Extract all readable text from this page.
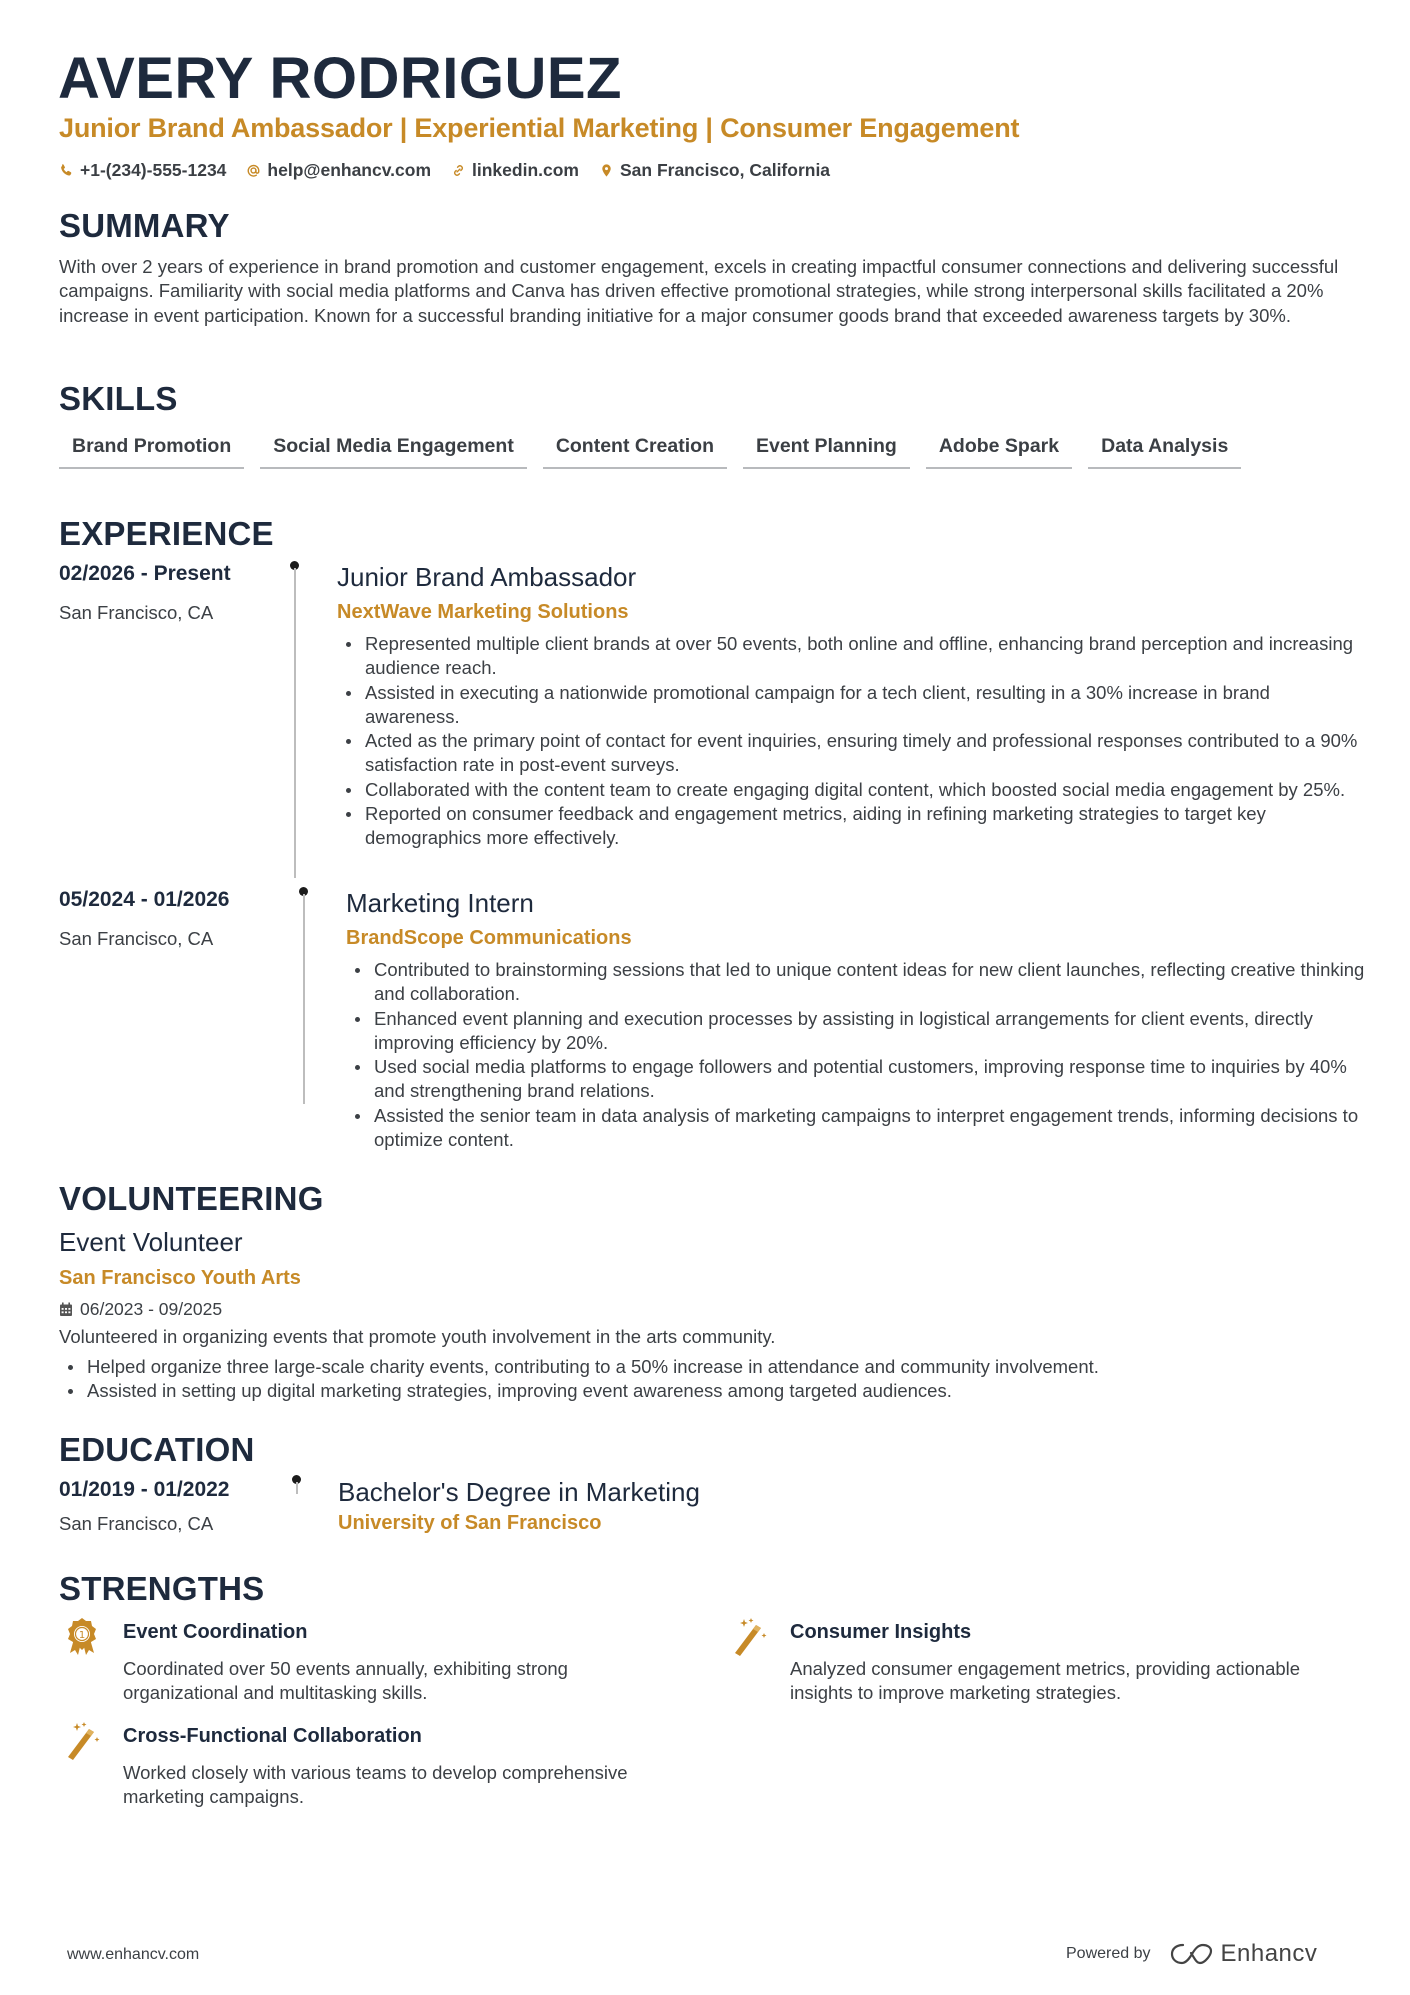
AVERY RODRIGUEZ
Junior Brand Ambassador | Experiential Marketing | Consumer Engagement
+1-(234)-555-1234 help@enhancv.com linkedin.com San Francisco, California
SUMMARY
With over 2 years of experience in brand promotion and customer engagement, excels in creating impactful consumer connections and delivering successful campaigns. Familiarity with social media platforms and Canva has driven effective promotional strategies, while strong interpersonal skills facilitated a 20% increase in event participation. Known for a successful branding initiative for a major consumer goods brand that exceeded awareness targets by 30%.
SKILLS
Brand Promotion	Social Media Engagement	Content Creation	Event Planning	Adobe Spark	Data Analysis
EXPERIENCE
02/2026 - Present
San Francisco, CA
Junior Brand Ambassador
NextWave Marketing Solutions
Represented multiple client brands at over 50 events, both online and offline, enhancing brand perception and increasing audience reach.
Assisted in executing a nationwide promotional campaign for a tech client, resulting in a 30% increase in brand awareness.
Acted as the primary point of contact for event inquiries, ensuring timely and professional responses contributed to a 90% satisfaction rate in post-event surveys.
Collaborated with the content team to create engaging digital content, which boosted social media engagement by 25%.
Reported on consumer feedback and engagement metrics, aiding in refining marketing strategies to target key demographics more effectively.
05/2024 - 01/2026
San Francisco, CA
Marketing Intern
BrandScope Communications
Contributed to brainstorming sessions that led to unique content ideas for new client launches, reflecting creative thinking and collaboration.
Enhanced event planning and execution processes by assisting in logistical arrangements for client events, directly improving efficiency by 20%.
Used social media platforms to engage followers and potential customers, improving response time to inquiries by 40% and strengthening brand relations.
Assisted the senior team in data analysis of marketing campaigns to interpret engagement trends, informing decisions to optimize content.
VOLUNTEERING
Event Volunteer
San Francisco Youth Arts
06/2023 - 09/2025
Volunteered in organizing events that promote youth involvement in the arts community.
Helped organize three large-scale charity events, contributing to a 50% increase in attendance and community involvement.
Assisted in setting up digital marketing strategies, improving event awareness among targeted audiences.
EDUCATION
01/2019 - 01/2022
San Francisco, CA
Bachelor's Degree in Marketing
University of San Francisco
STRENGTHS
1 Event Coordination
Coordinated over 50 events annually, exhibiting strong organizational and multitasking skills.
Consumer Insights
Analyzed consumer engagement metrics, providing actionable insights to improve marketing strategies.
Cross-Functional Collaboration
Worked closely with various teams to develop comprehensive marketing campaigns.
www.enhancv.com	Powered by	Enhancv
